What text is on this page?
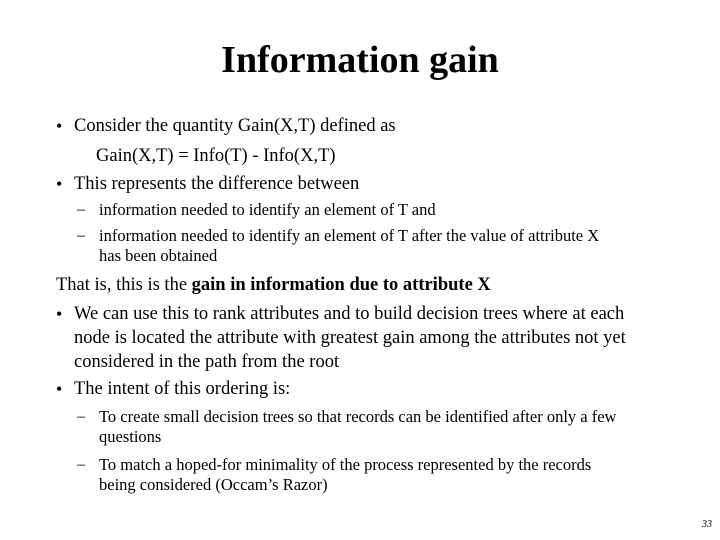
Information gain
• Consider the quantity Gain(X,T) defined as
Gain(X,T) = Info(T) - Info(X,T)
• This represents the difference between
– information needed to identify an element of T and
– information needed to identify an element of T after the value of attribute X
has been obtained
That is, this is the gain in information due to attribute X
• We can use this to rank attributes and to build decision trees where at each
node is located the attribute with greatest gain among the attributes not yet
considered in the path from the root
• The intent of this ordering is:
– To create small decision trees so that records can be identified after only a few
questions
– To match a hoped-for minimality of the process represented by the records
being considered (Occam’s Razor)
33
